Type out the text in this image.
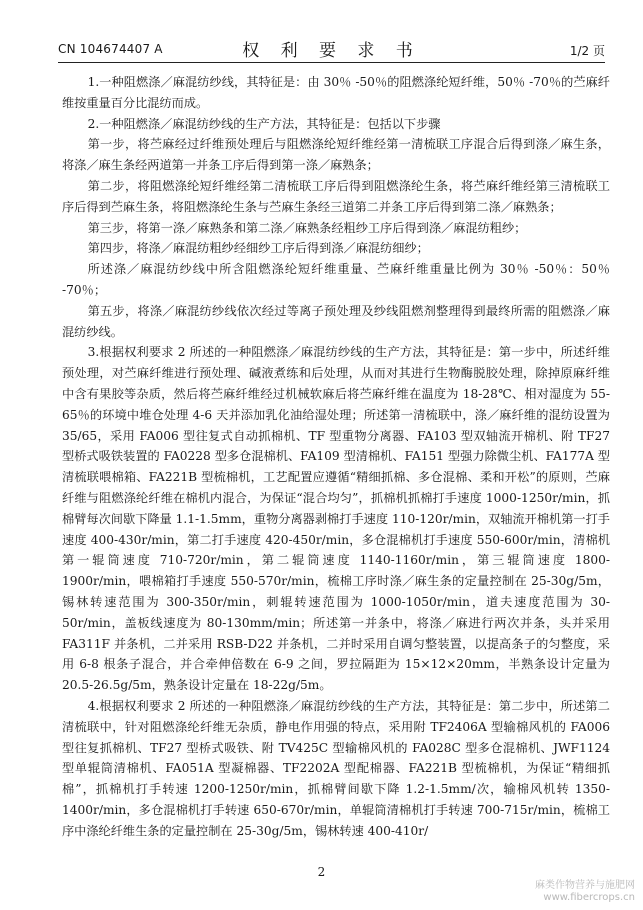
CN 104674407 A	权 利 要 求 书	1/2 页

1.一种阻燃涤／麻混纺纱线，其特征是：由 30％ -50％的阻燃涤纶短纤维，50％ -70％的苎麻纤维按重量百分比混纺而成。

2.一种阻燃涤／麻混纺纱线的生产方法，其特征是：包括以下步骤

第一步，将苎麻经过纤维预处理后与阻燃涤纶短纤维经第一清梳联工序混合后得到涤／麻生条，将涤／麻生条经两道第一并条工序后得到第一涤／麻熟条；

第二步，将阻燃涤纶短纤维经第二清梳联工序后得到阻燃涤纶生条，将苎麻纤维经第三清梳联工序后得到苎麻生条，将阻燃涤纶生条与苎麻生条经三道第二并条工序后得到第二涤／麻熟条；

第三步，将第一涤／麻熟条和第二涤／麻熟条经粗纱工序后得到涤／麻混纺粗纱；

第四步，将涤／麻混纺粗纱经细纱工序后得到涤／麻混纺细纱；

所述涤／麻混纺纱线中所含阻燃涤纶短纤维重量、苎麻纤维重量比例为 30％ -50％：50％ -70％；

第五步，将涤／麻混纺纱线依次经过等离子预处理及纱线阻燃剂整理得到最终所需的阻燃涤／麻混纺纱线。

3.根据权利要求 2 所述的一种阻燃涤／麻混纺纱线的生产方法，其特征是：第一步中，所述纤维预处理，对苎麻纤维进行预处理、碱液煮练和后处理，从而对其进行生物酶脱胶处理，除掉原麻纤维中含有果胶等杂质，然后将苎麻纤维经过机械软麻后将苎麻纤维在温度为 18-28℃、相对湿度为 55-65％的环境中堆仓处理 4-6 天并添加乳化油给湿处理；所述第一清梳联中，涤／麻纤维的混纺设置为 35/65，采用 FA006 型往复式自动抓棉机、TF 型重物分离器、FA103 型双轴流开棉机、附 TF27 型桥式吸铁装置的 FA0228 型多仓混棉机、FA109 型清棉机、FA151 型强力除微尘机、FA177A 型清梳联喂棉箱、FA221B 型梳棉机，工艺配置应遵循“精细抓棉、多仓混棉、柔和开松”的原则，苎麻纤维与阻燃涤纶纤维在棉机内混合，为保证“混合均匀”，抓棉机抓棉打手速度 1000-1250r/min，抓棉臂每次间歇下降量 1.1-1.5mm，重物分离器剥棉打手速度 110-120r/min，双轴流开棉机第一打手速度 400-430r/min，第二打手速度 420-450r/min，多仓混棉机打手速度 550-600r/min，清棉机第一辊筒速度 710-720r/min，第二辊筒速度 1140-1160r/min，第三辊筒速度 1800-1900r/min，喂棉箱打手速度 550-570r/min，梳棉工序时涤／麻生条的定量控制在 25-30g/5m，锡林转速范围为 300-350r/min，刺辊转速范围为 1000-1050r/min，道夫速度范围为 30-50r/min，盖板线速度为 80-130mm/min；所述第一并条中，将涤／麻进行两次并条，头并采用 FA311F 并条机，二并采用 RSB-D22 并条机，二并时采用自调匀整装置，以提高条子的匀整度，采用 6-8 根条子混合，并合牵伸倍数在 6-9 之间，罗拉隔距为 15×12×20mm，半熟条设计定量为 20.5-26.5g/5m，熟条设计定量在 18-22g/5m。

4.根据权利要求 2 所述的一种阻燃涤／麻混纺纱线的生产方法，其特征是：第二步中，所述第二清梳联中，针对阻燃涤纶纤维无杂质，静电作用强的特点，采用附 TF2406A 型输棉风机的 FA006 型往复抓棉机、TF27 型桥式吸铁、附 TV425C 型输棉风机的 FA028C 型多仓混棉机、JWF1124 型单辊筒清棉机、FA051A 型凝棉器、TF2202A 型配棉器、FA221B 型梳棉机，为保证“精细抓棉”，抓棉机打手转速 1200-1250r/min，抓棉臂间歇下降 1.2-1.5mm/次，输棉风机转 1350-1400r/min，多仓混棉机打手转速 650-670r/min，单辊筒清棉机打手转速 700-715r/min，梳棉工序中涤纶纤维生条的定量控制在 25-30g/5m，锡林转速 400-410r/

2
麻类作物营养与施肥网
www.fibercrops.cn
